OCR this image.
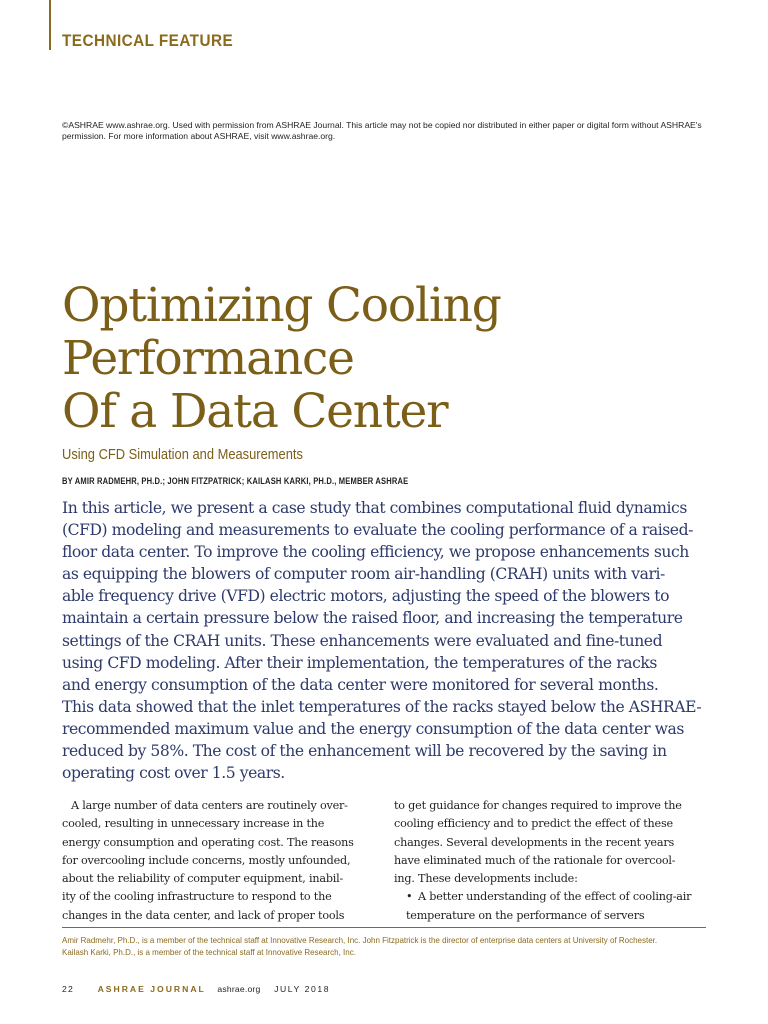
TECHNICAL FEATURE
©ASHRAE www.ashrae.org. Used with permission from ASHRAE Journal. This article may not be copied nor distributed in either paper or digital form without ASHRAE's permission. For more information about ASHRAE, visit www.ashrae.org.
Optimizing Cooling
Performance
Of a Data Center
Using CFD Simulation and Measurements
BY AMIR RADMEHR, PH.D.; JOHN FITZPATRICK; KAILASH KARKI, PH.D., MEMBER ASHRAE
In this article, we present a case study that combines computational fluid dynamics
(CFD) modeling and measurements to evaluate the cooling performance of a raised-
floor data center. To improve the cooling efficiency, we propose enhancements such
as equipping the blowers of computer room air-handling (CRAH) units with vari-
able frequency drive (VFD) electric motors, adjusting the speed of the blowers to
maintain a certain pressure below the raised floor, and increasing the temperature
settings of the CRAH units. These enhancements were evaluated and fine-tuned
using CFD modeling. After their implementation, the temperatures of the racks
and energy consumption of the data center were monitored for several months.
This data showed that the inlet temperatures of the racks stayed below the ASHRAE-
recommended maximum value and the energy consumption of the data center was
reduced by 58%. The cost of the enhancement will be recovered by the saving in
operating cost over 1.5 years.
A large number of data centers are routinely over-
cooled, resulting in unnecessary increase in the
energy consumption and operating cost. The reasons
for overcooling include concerns, mostly unfounded,
about the reliability of computer equipment, inabil-
ity of the cooling infrastructure to respond to the
changes in the data center, and lack of proper tools
to get guidance for changes required to improve the
cooling efficiency and to predict the effect of these
changes. Several developments in the recent years
have eliminated much of the rationale for overcool-
ing. These developments include:
• A better understanding of the effect of cooling-air
temperature on the performance of servers
Amir Radmehr, Ph.D., is a member of the technical staff at Innovative Research, Inc. John Fitzpatrick is the director of enterprise data centers at University of Rochester. Kailash Karki, Ph.D., is a member of the technical staff at Innovative Research, Inc.
22	ASHRAE JOURNAL ashrae.org JULY 2018
